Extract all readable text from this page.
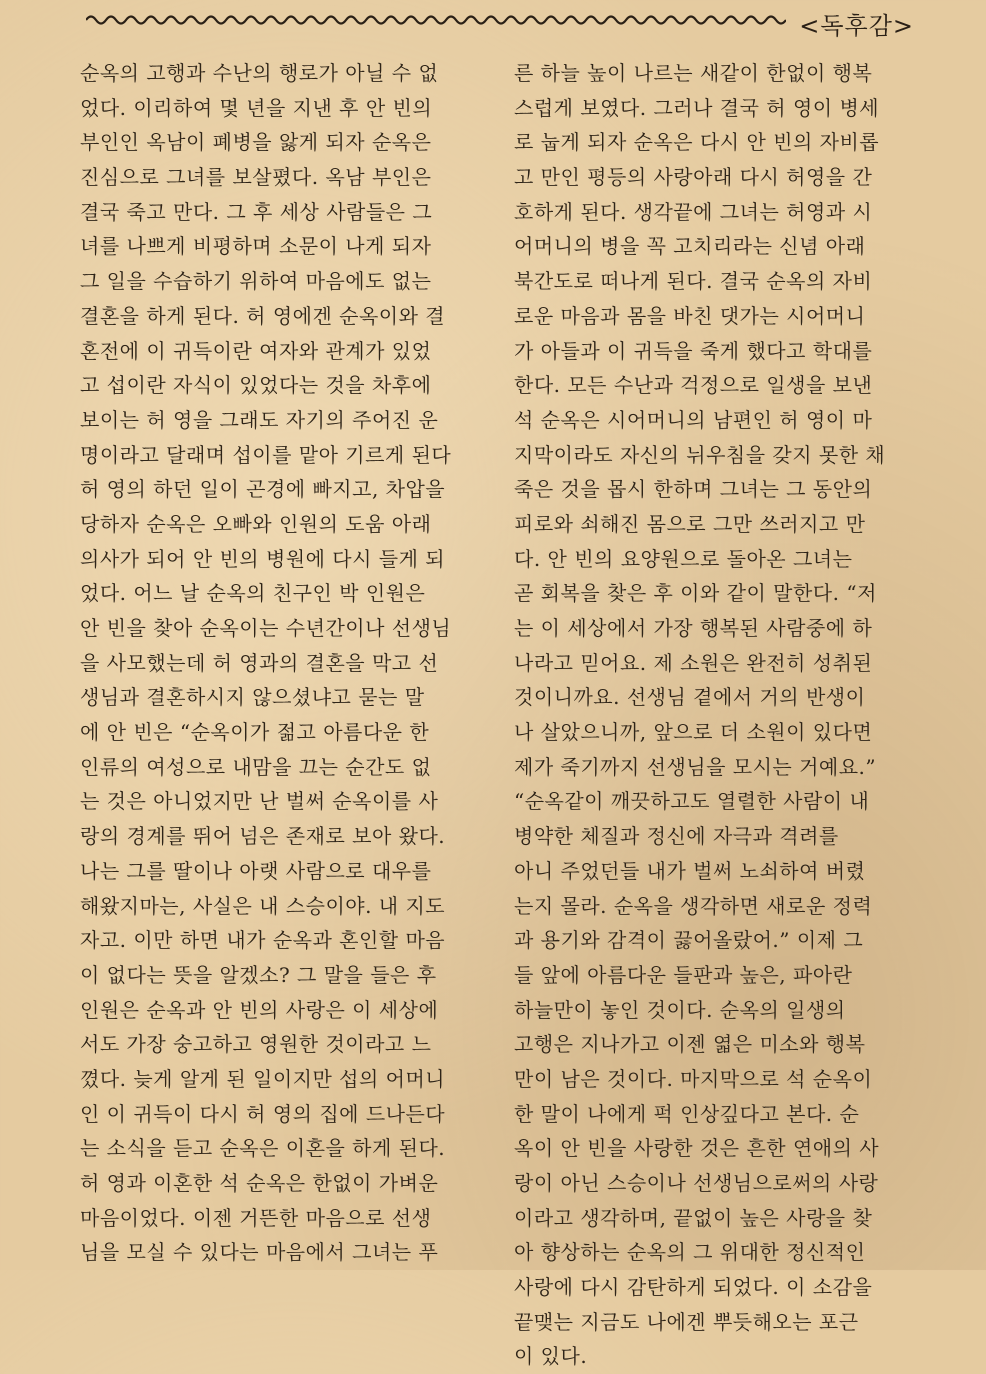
<독후감>
순옥의 고행과 수난의 행로가 아닐 수 없
었다. 이리하여 몇 년을 지낸 후 안 빈의
부인인 옥남이 폐병을 앓게 되자 순옥은
진심으로 그녀를 보살폈다. 옥남 부인은
결국 죽고 만다. 그 후 세상 사람들은 그
녀를 나쁘게 비평하며 소문이 나게 되자
그 일을 수습하기 위하여 마음에도 없는
결혼을 하게 된다. 허 영에겐 순옥이와 결
혼전에 이 귀득이란 여자와 관계가 있었
고 섭이란 자식이 있었다는 것을 차후에
보이는 허 영을 그래도 자기의 주어진 운
명이라고 달래며 섭이를 맡아 기르게 된다
허 영의 하던 일이 곤경에 빠지고, 차압을
당하자 순옥은 오빠와 인원의 도움 아래
의사가 되어 안 빈의 병원에 다시 들게 되
었다. 어느 날 순옥의 친구인 박 인원은
안 빈을 찾아 순옥이는 수년간이나 선생님
을 사모했는데 허 영과의 결혼을 막고 선
생님과 결혼하시지 않으셨냐고 묻는 말
에 안 빈은 “순옥이가 젊고 아름다운 한
인류의 여성으로 내맘을 끄는 순간도 없
는 것은 아니었지만 난 벌써 순옥이를 사
랑의 경계를 뛰어 넘은 존재로 보아 왔다.
나는 그를 딸이나 아랫 사람으로 대우를
해왔지마는, 사실은 내 스승이야. 내 지도
자고. 이만 하면 내가 순옥과 혼인할 마음
이 없다는 뜻을 알겠소? 그 말을 들은 후
인원은 순옥과 안 빈의 사랑은 이 세상에
서도 가장 숭고하고 영원한 것이라고 느
꼈다. 늦게 알게 된 일이지만 섭의 어머니
인 이 귀득이 다시 허 영의 집에 드나든다
는 소식을 듣고 순옥은 이혼을 하게 된다.
허 영과 이혼한 석 순옥은 한없이 가벼운
마음이었다. 이젠 거뜬한 마음으로 선생
님을 모실 수 있다는 마음에서 그녀는 푸
른 하늘 높이 나르는 새같이 한없이 행복
스럽게 보였다. 그러나 결국 허 영이 병세
로 눕게 되자 순옥은 다시 안 빈의 자비롭
고 만인 평등의 사랑아래 다시 허영을 간
호하게 된다. 생각끝에 그녀는 허영과 시
어머니의 병을 꼭 고치리라는 신념 아래
북간도로 떠나게 된다. 결국 순옥의 자비
로운 마음과 몸을 바친 댓가는 시어머니
가 아들과 이 귀득을 죽게 했다고 학대를
한다. 모든 수난과 걱정으로 일생을 보낸
석 순옥은 시어머니의 남편인 허 영이 마
지막이라도 자신의 뉘우침을 갖지 못한 채
죽은 것을 몹시 한하며 그녀는 그 동안의
피로와 쇠해진 몸으로 그만 쓰러지고 만
다. 안 빈의 요양원으로 돌아온 그녀는
곧 회복을 찾은 후 이와 같이 말한다. “저
는 이 세상에서 가장 행복된 사람중에 하
나라고 믿어요. 제 소원은 완전히 성취된
것이니까요. 선생님 곁에서 거의 반생이
나 살았으니까, 앞으로 더 소원이 있다면
제가 죽기까지 선생님을 모시는 거예요.”
“순옥같이 깨끗하고도 열렬한 사람이 내
병약한 체질과 정신에 자극과 격려를
아니 주었던들 내가 벌써 노쇠하여 버렸
는지 몰라. 순옥을 생각하면 새로운 정력
과 용기와 감격이 끓어올랐어.” 이제 그
들 앞에 아름다운 들판과 높은, 파아란
하늘만이 놓인 것이다. 순옥의 일생의
고행은 지나가고 이젠 엷은 미소와 행복
만이 남은 것이다. 마지막으로 석 순옥이
한 말이 나에게 퍽 인상깊다고 본다. 순
옥이 안 빈을 사랑한 것은 흔한 연애의 사
랑이 아닌 스승이나 선생님으로써의 사랑
이라고 생각하며, 끝없이 높은 사랑을 찾
아 향상하는 순옥의 그 위대한 정신적인
사랑에 다시 감탄하게 되었다. 이 소감을
끝맺는 지금도 나에겐 뿌듯해오는 포근
이 있다.
